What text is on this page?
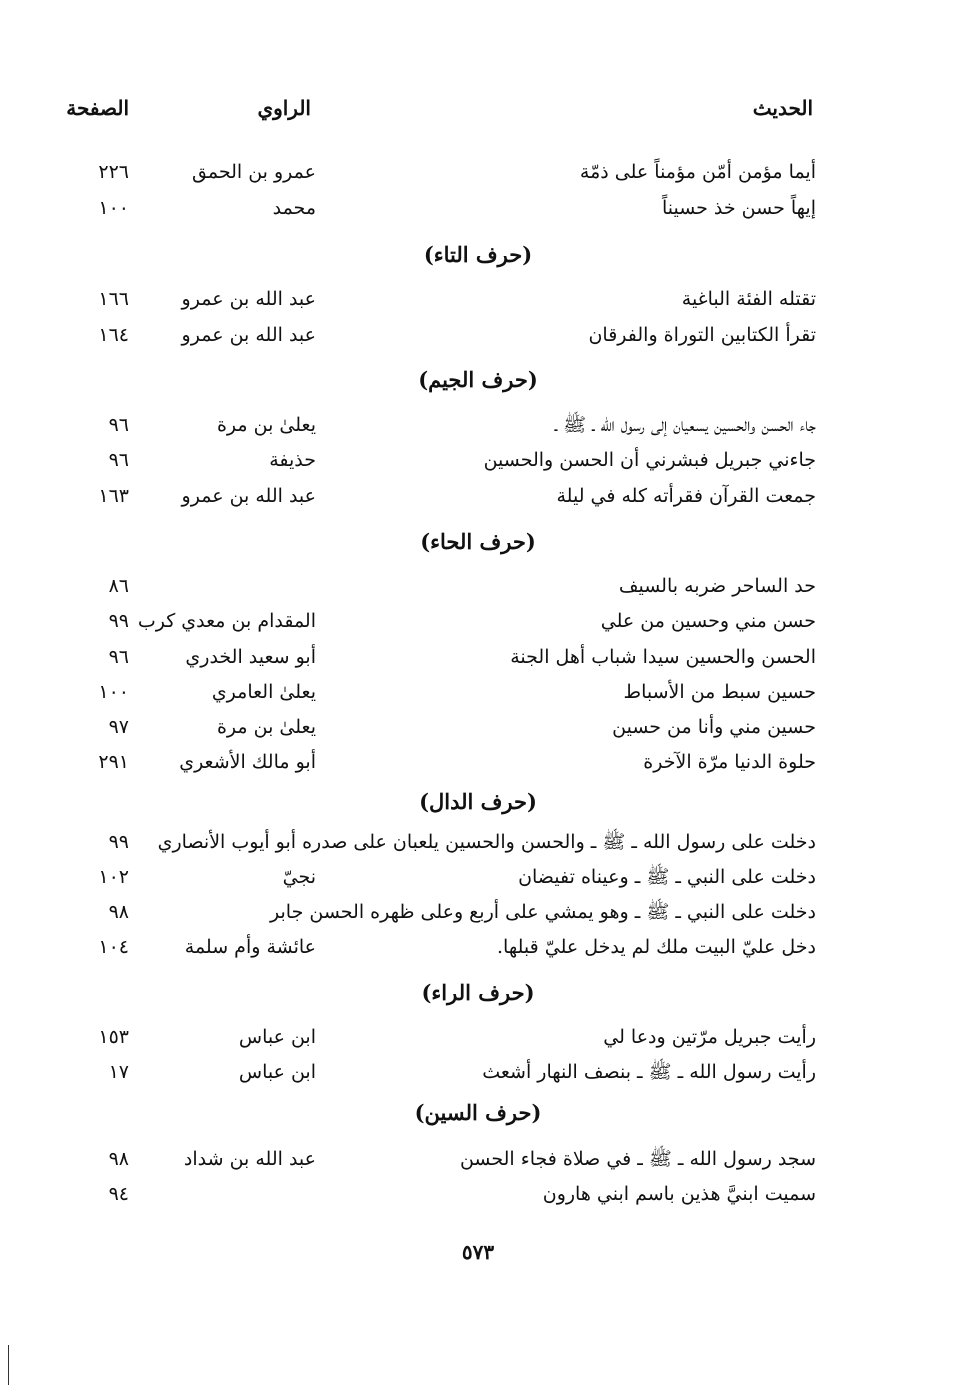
الحديث
الراوي
الصفحة
أيما مؤمن أمّن مؤمناً على ذمّة
عمرو بن الحمق
٢٢٦
إيهاً حسن خذ حسيناً
محمد
١٠٠
(حرف التاء)
تقتله الفئة الباغية
عبد الله بن عمرو
١٦٦
تقرأ الكتابين التوراة والفرقان
عبد الله بن عمرو
١٦٤
(حرف الجيم)
جاء الحسن والحسين يسعيان إلى رسول الله ـ ﷺ ـ
يعلىٰ بن مرة
٩٦
جاءني جبريل فبشرني أن الحسن والحسين
حذيفة
٩٦
جمعت القرآن فقرأته كله في ليلة
عبد الله بن عمرو
١٦٣
(حرف الحاء)
حد الساحر ضربه بالسيف
٨٦
حسن مني وحسين من علي
المقدام بن معدي كرب
٩٩
الحسن والحسين سيدا شباب أهل الجنة
أبو سعيد الخدري
٩٦
حسين سبط من الأسباط
يعلىٰ العامري
١٠٠
حسين مني وأنا من حسين
يعلىٰ بن مرة
٩٧
حلوة الدنيا مرّة الآخرة
أبو مالك الأشعري
٢٩١
(حرف الدال)
دخلت على رسول الله ـ ﷺ ـ والحسن والحسين يلعبان على صدره أبو أيوب الأنصاري
٩٩
دخلت على النبي ـ ﷺ ـ وعيناه تفيضان
نجيّ
١٠٢
دخلت على النبي ـ ﷺ ـ وهو يمشي على أربع وعلى ظهره الحسن جابر
٩٨
دخل عليّ البيت ملك لم يدخل عليّ قبلها.
عائشة وأم سلمة
١٠٤
(حرف الراء)
رأيت جبريل مرّتين ودعا لي
ابن عباس
١٥٣
رأيت رسول الله ـ ﷺ ـ بنصف النهار أشعث
ابن عباس
١٧
(حرف السين)
سجد رسول الله ـ ﷺ ـ في صلاة فجاء الحسن
عبد الله بن شداد
٩٨
سميت ابنيَّ هذين باسم ابني هارون
٩٤
٥٧٣
